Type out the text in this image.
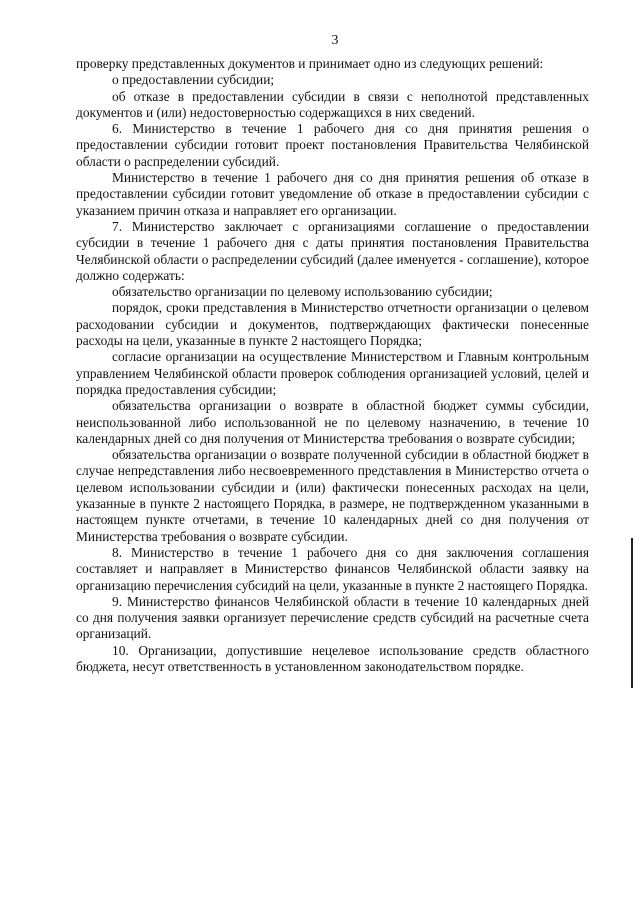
3

проверку представленных документов и принимает одно из следующих решений:

о предоставлении субсидии;

об отказе в предоставлении субсидии в связи с неполнотой представленных документов и (или) недостоверностью содержащихся в них сведений.

6. Министерство в течение 1 рабочего дня со дня принятия решения о предоставлении субсидии готовит проект постановления Правительства Челябинской области о распределении субсидий.

Министерство в течение 1 рабочего дня со дня принятия решения об отказе в предоставлении субсидии готовит уведомление об отказе в предоставлении субсидии с указанием причин отказа и направляет его организации.

7. Министерство заключает с организациями соглашение о предоставлении субсидии в течение 1 рабочего дня с даты принятия постановления Правительства Челябинской области о распределении субсидий (далее именуется - соглашение), которое должно содержать:

обязательство организации по целевому использованию субсидии;

порядок, сроки представления в Министерство отчетности организации о целевом расходовании субсидии и документов, подтверждающих фактически понесенные расходы на цели, указанные в пункте 2 настоящего Порядка;

согласие организации на осуществление Министерством и Главным контрольным управлением Челябинской области проверок соблюдения организацией условий, целей и порядка предоставления субсидии;

обязательства организации о возврате в областной бюджет суммы субсидии, неиспользованной либо использованной не по целевому назначению, в течение 10 календарных дней со дня получения от Министерства требования о возврате субсидии;

обязательства организации о возврате полученной субсидии в областной бюджет в случае непредставления либо несвоевременного представления в Министерство отчета о целевом использовании субсидии и (или) фактически понесенных расходах на цели, указанные в пункте 2 настоящего Порядка, в размере, не подтвержденном указанными в настоящем пункте отчетами, в течение 10 календарных дней со дня получения от Министерства требования о возврате субсидии.

8. Министерство в течение 1 рабочего дня со дня заключения соглашения составляет и направляет в Министерство финансов Челябинской области заявку на организацию перечисления субсидий на цели, указанные в пункте 2 настоящего Порядка.

9. Министерство финансов Челябинской области в течение 10 календарных дней со дня получения заявки организует перечисление средств субсидий на расчетные счета организаций.

10. Организации, допустившие нецелевое использование средств областного бюджета, несут ответственность в установленном законодательством порядке.
